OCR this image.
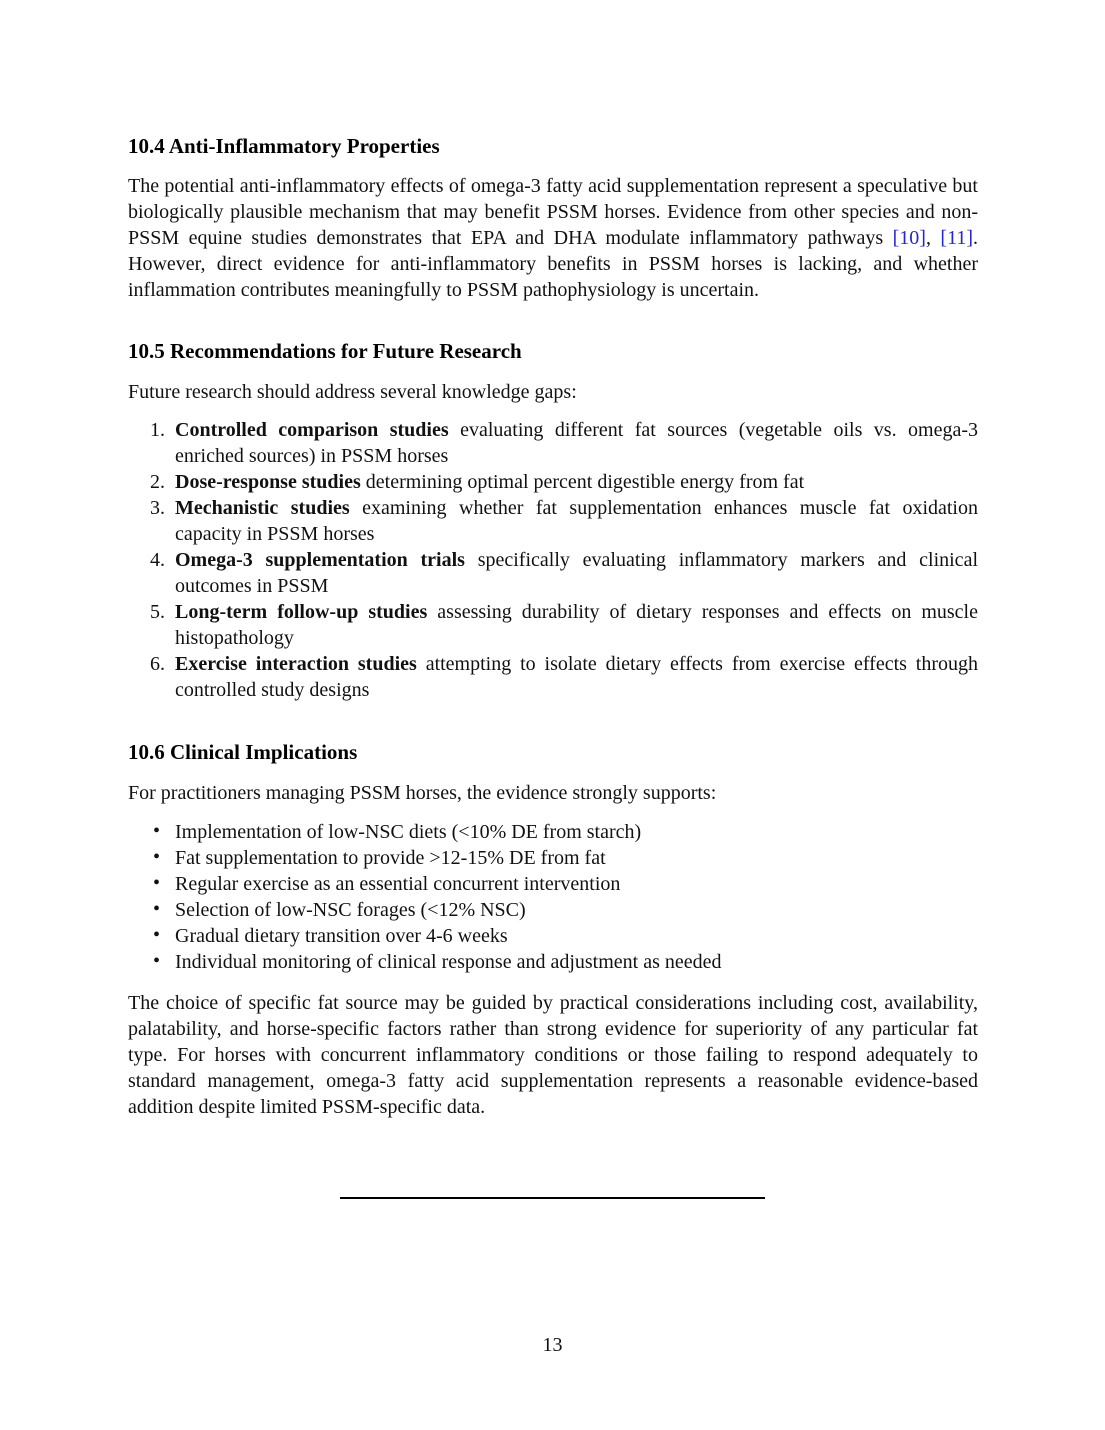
10.4 Anti-Inflammatory Properties

The potential anti-inflammatory effects of omega-3 fatty acid supplementation represent a speculative but biologically plausible mechanism that may benefit PSSM horses. Evidence from other species and non-PSSM equine studies demonstrates that EPA and DHA modulate inflammatory pathways [10], [11]. However, direct evidence for anti-inflammatory benefits in PSSM horses is lacking, and whether inflammation contributes meaningfully to PSSM pathophysiology is uncertain.

10.5 Recommendations for Future Research

Future research should address several knowledge gaps:

1. Controlled comparison studies evaluating different fat sources (vegetable oils vs. omega-3 enriched sources) in PSSM horses
2. Dose-response studies determining optimal percent digestible energy from fat
3. Mechanistic studies examining whether fat supplementation enhances muscle fat oxidation capacity in PSSM horses
4. Omega-3 supplementation trials specifically evaluating inflammatory markers and clinical outcomes in PSSM
5. Long-term follow-up studies assessing durability of dietary responses and effects on muscle histopathology
6. Exercise interaction studies attempting to isolate dietary effects from exercise effects through controlled study designs
10.6 Clinical Implications

For practitioners managing PSSM horses, the evidence strongly supports:

• Implementation of low-NSC diets (<10% DE from starch)
• Fat supplementation to provide >12-15% DE from fat
• Regular exercise as an essential concurrent intervention
• Selection of low-NSC forages (<12% NSC)
• Gradual dietary transition over 4-6 weeks
• Individual monitoring of clinical response and adjustment as needed

The choice of specific fat source may be guided by practical considerations including cost, availability, palatability, and horse-specific factors rather than strong evidence for superiority of any particular fat type. For horses with concurrent inflammatory conditions or those failing to respond adequately to standard management, omega-3 fatty acid supplementation represents a reasonable evidence-based addition despite limited PSSM-specific data.

13
